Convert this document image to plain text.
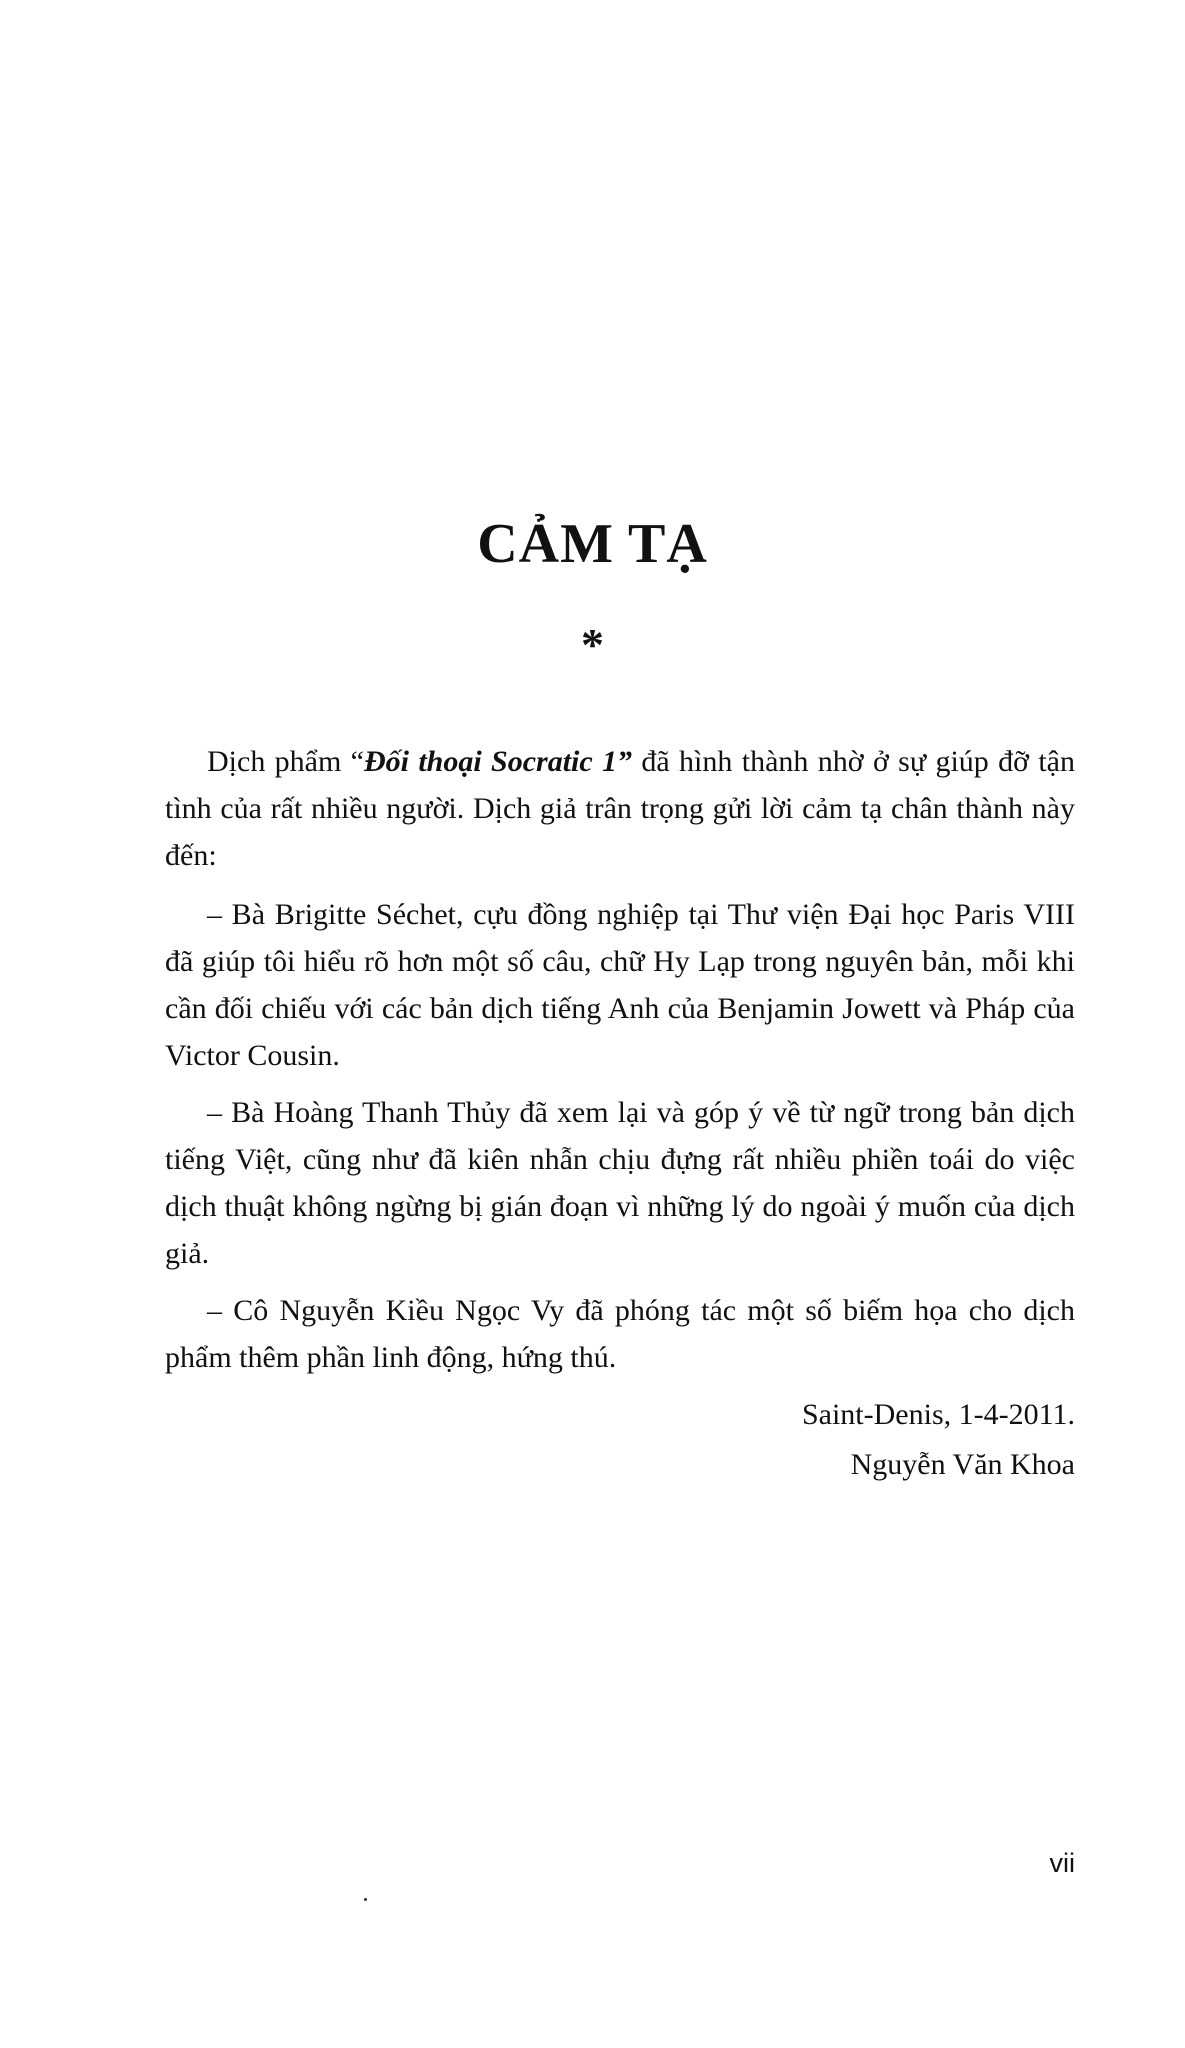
CẢM TẠ
*

Dịch phẩm “Đối thoại Socratic 1” đã hình thành nhờ ở sự giúp đỡ tận tình của rất nhiều người. Dịch giả trân trọng gửi lời cảm tạ chân thành này đến:

– Bà Brigitte Séchet, cựu đồng nghiệp tại Thư viện Đại học Paris VIII đã giúp tôi hiểu rõ hơn một số câu, chữ Hy Lạp trong nguyên bản, mỗi khi cần đối chiếu với các bản dịch tiếng Anh của Benjamin Jowett và Pháp của Victor Cousin.

– Bà Hoàng Thanh Thủy đã xem lại và góp ý về từ ngữ trong bản dịch tiếng Việt, cũng như đã kiên nhẫn chịu đựng rất nhiều phiền toái do việc dịch thuật không ngừng bị gián đoạn vì những lý do ngoài ý muốn của dịch giả.

– Cô Nguyễn Kiều Ngọc Vy đã phóng tác một số biếm họa cho dịch phẩm thêm phần linh động, hứng thú.

Saint-Denis, 1-4-2011.
Nguyễn Văn Khoa
vii
